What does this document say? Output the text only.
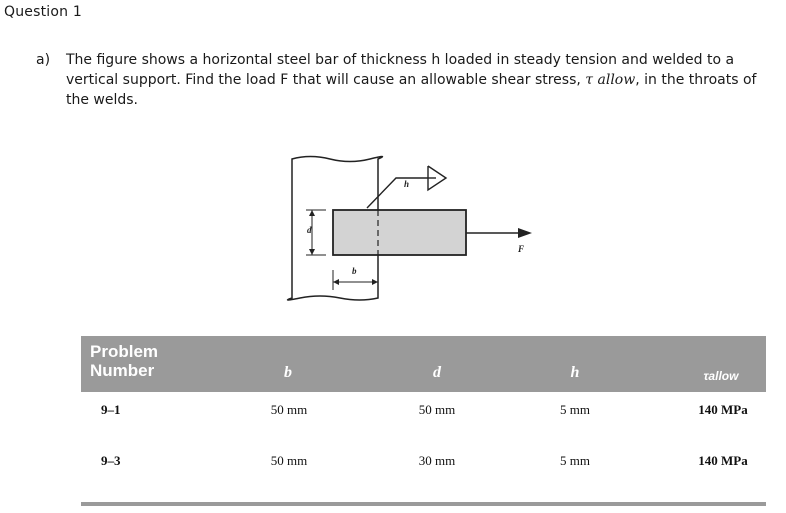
Question 1
a) The figure shows a horizontal steel bar of thickness h loaded in steady tension and welded to a vertical support. Find the load F that will cause an allowable shear stress, τ allow, in the throats of the welds.
h
d
b
F
Problem
Number	b	d	h	τallow
9–1	50 mm	50 mm	5 mm	140 MPa
9–3	50 mm	30 mm	5 mm	140 MPa
